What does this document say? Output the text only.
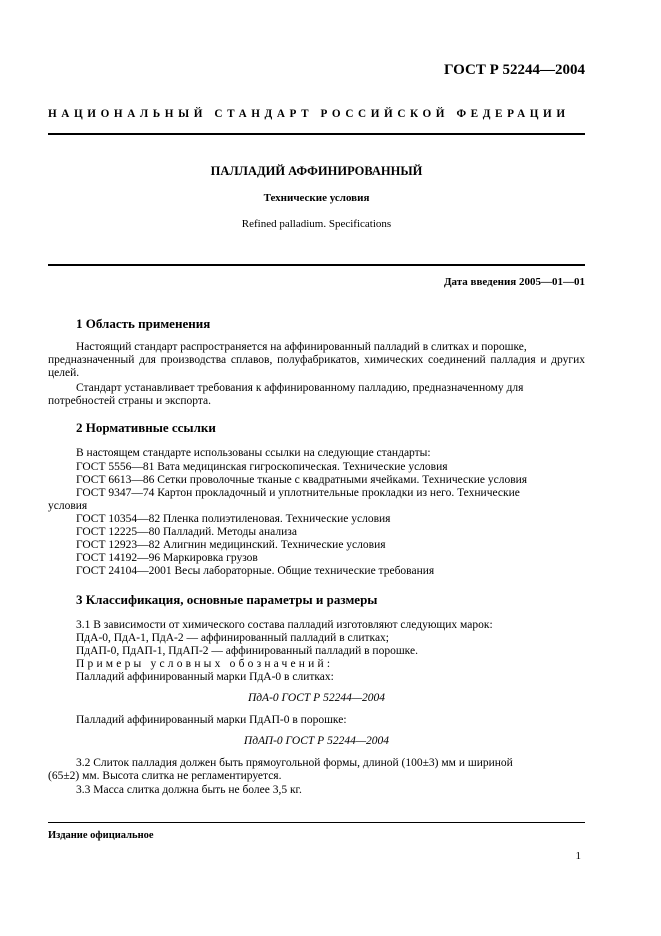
ГОСТ Р 52244—2004
НАЦИОНАЛЬНЫЙ СТАНДАРТ РОССИЙСКОЙ ФЕДЕРАЦИИ
ПАЛЛАДИЙ АФФИНИРОВАННЫЙ
Технические условия
Refined palladium. Specifications
Дата введения 2005—01—01
1 Область применения
Настоящий стандарт распространяется на аффинированный палладий в слитках и порошке,
предназначенный для производства сплавов, полуфабрикатов, химических соединений палладия и других целей.
Стандарт устанавливает требования к аффинированному палладию, предназначенному для
потребностей страны и экспорта.
2 Нормативные ссылки
В настоящем стандарте использованы ссылки на следующие стандарты:
ГОСТ 5556—81 Вата медицинская гигроскопическая. Технические условия
ГОСТ 6613—86 Сетки проволочные тканые с квадратными ячейками. Технические условия
ГОСТ 9347—74 Картон прокладочный и уплотнительные прокладки из него. Технические
условия
ГОСТ 10354—82 Пленка полиэтиленовая. Технические условия
ГОСТ 12225—80 Палладий. Методы анализа
ГОСТ 12923—82 Алигнин медицинский. Технические условия
ГОСТ 14192—96 Маркировка грузов
ГОСТ 24104—2001 Весы лабораторные. Общие технические требования
3 Классификация, основные параметры и размеры
3.1 В зависимости от химического состава палладий изготовляют следующих марок:
ПдА-0, ПдА-1, ПдА-2 — аффинированный палладий в слитках;
ПдАП-0, ПдАП-1, ПдАП-2 — аффинированный палладий в порошке.
Примеры условных обозначений:
Палладий аффинированный марки ПдА-0 в слитках:
ПдА-0 ГОСТ Р 52244—2004
Палладий аффинированный марки ПдАП-0 в порошке:
ПдАП-0 ГОСТ Р 52244—2004
3.2 Слиток палладия должен быть прямоугольной формы, длиной (100±3) мм и шириной
(65±2) мм. Высота слитка не регламентируется.
3.3 Масса слитка должна быть не более 3,5 кг.
Издание официальное
1
